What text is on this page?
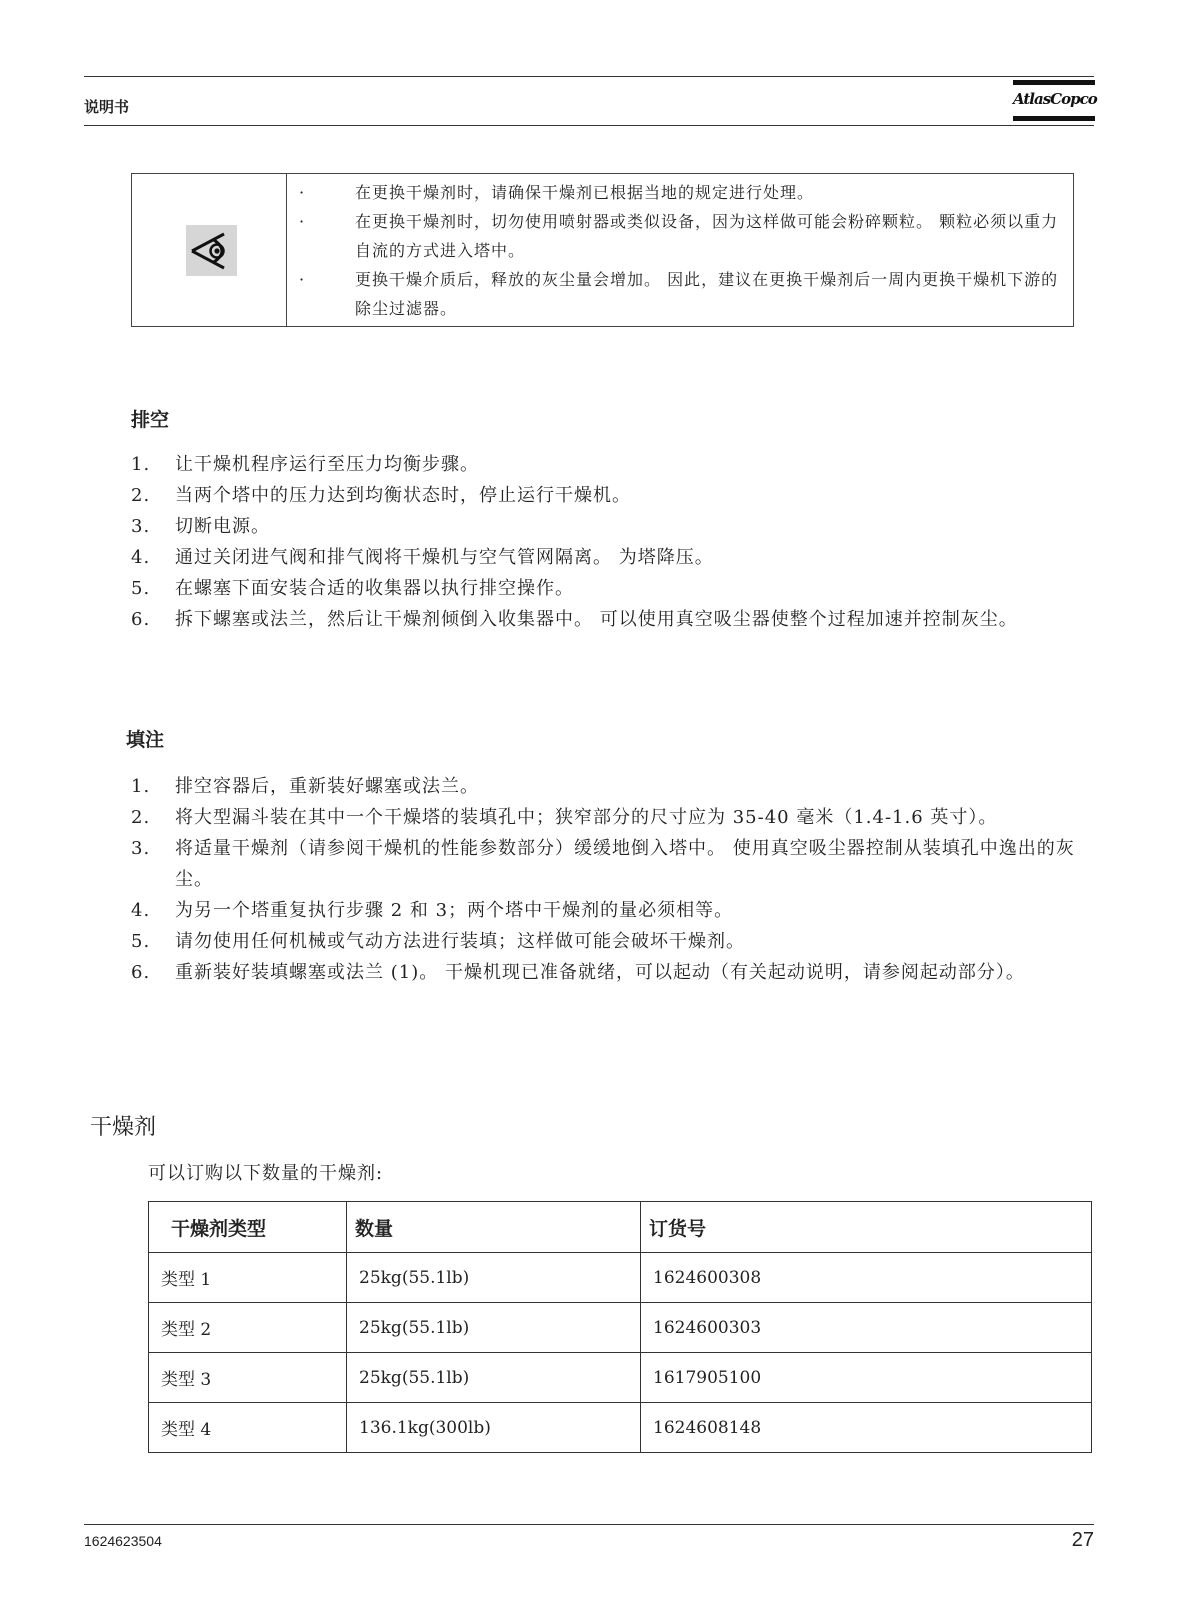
说明书	AtlasCopco
·	在更换干燥剂时，请确保干燥剂已根据当地的规定进行处理。
·	在更换干燥剂时，切勿使用喷射器或类似设备，因为这样做可能会粉碎颗粒。 颗粒必须以重力自流的方式进入塔中。
·	更换干燥介质后，释放的灰尘量会增加。 因此，建议在更换干燥剂后一周内更换干燥机下游的除尘过滤器。
排空
1. 让干燥机程序运行至压力均衡步骤。
2. 当两个塔中的压力达到均衡状态时，停止运行干燥机。
3. 切断电源。
4. 通过关闭进气阀和排气阀将干燥机与空气管网隔离。 为塔降压。
5. 在螺塞下面安装合适的收集器以执行排空操作。
6. 拆下螺塞或法兰，然后让干燥剂倾倒入收集器中。 可以使用真空吸尘器使整个过程加速并控制灰尘。
填注
1. 排空容器后，重新装好螺塞或法兰。
2. 将大型漏斗装在其中一个干燥塔的装填孔中；狭窄部分的尺寸应为 35-40 毫米（1.4-1.6 英寸）。
3. 将适量干燥剂（请参阅干燥机的性能参数部分）缓缓地倒入塔中。 使用真空吸尘器控制从装填孔中逸出的灰尘。
4. 为另一个塔重复执行步骤 2 和 3；两个塔中干燥剂的量必须相等。
5. 请勿使用任何机械或气动方法进行装填；这样做可能会破坏干燥剂。
6. 重新装好装填螺塞或法兰 (1)。 干燥机现已准备就绪，可以起动（有关起动说明，请参阅起动部分）。
干燥剂
可以订购以下数量的干燥剂:
干燥剂类型	数量	订货号
类型 1	25kg(55.1lb)	1624600308
类型 2	25kg(55.1lb)	1624600303
类型 3	25kg(55.1lb)	1617905100
类型 4	136.1kg(300lb)	1624608148
1624623504	27
